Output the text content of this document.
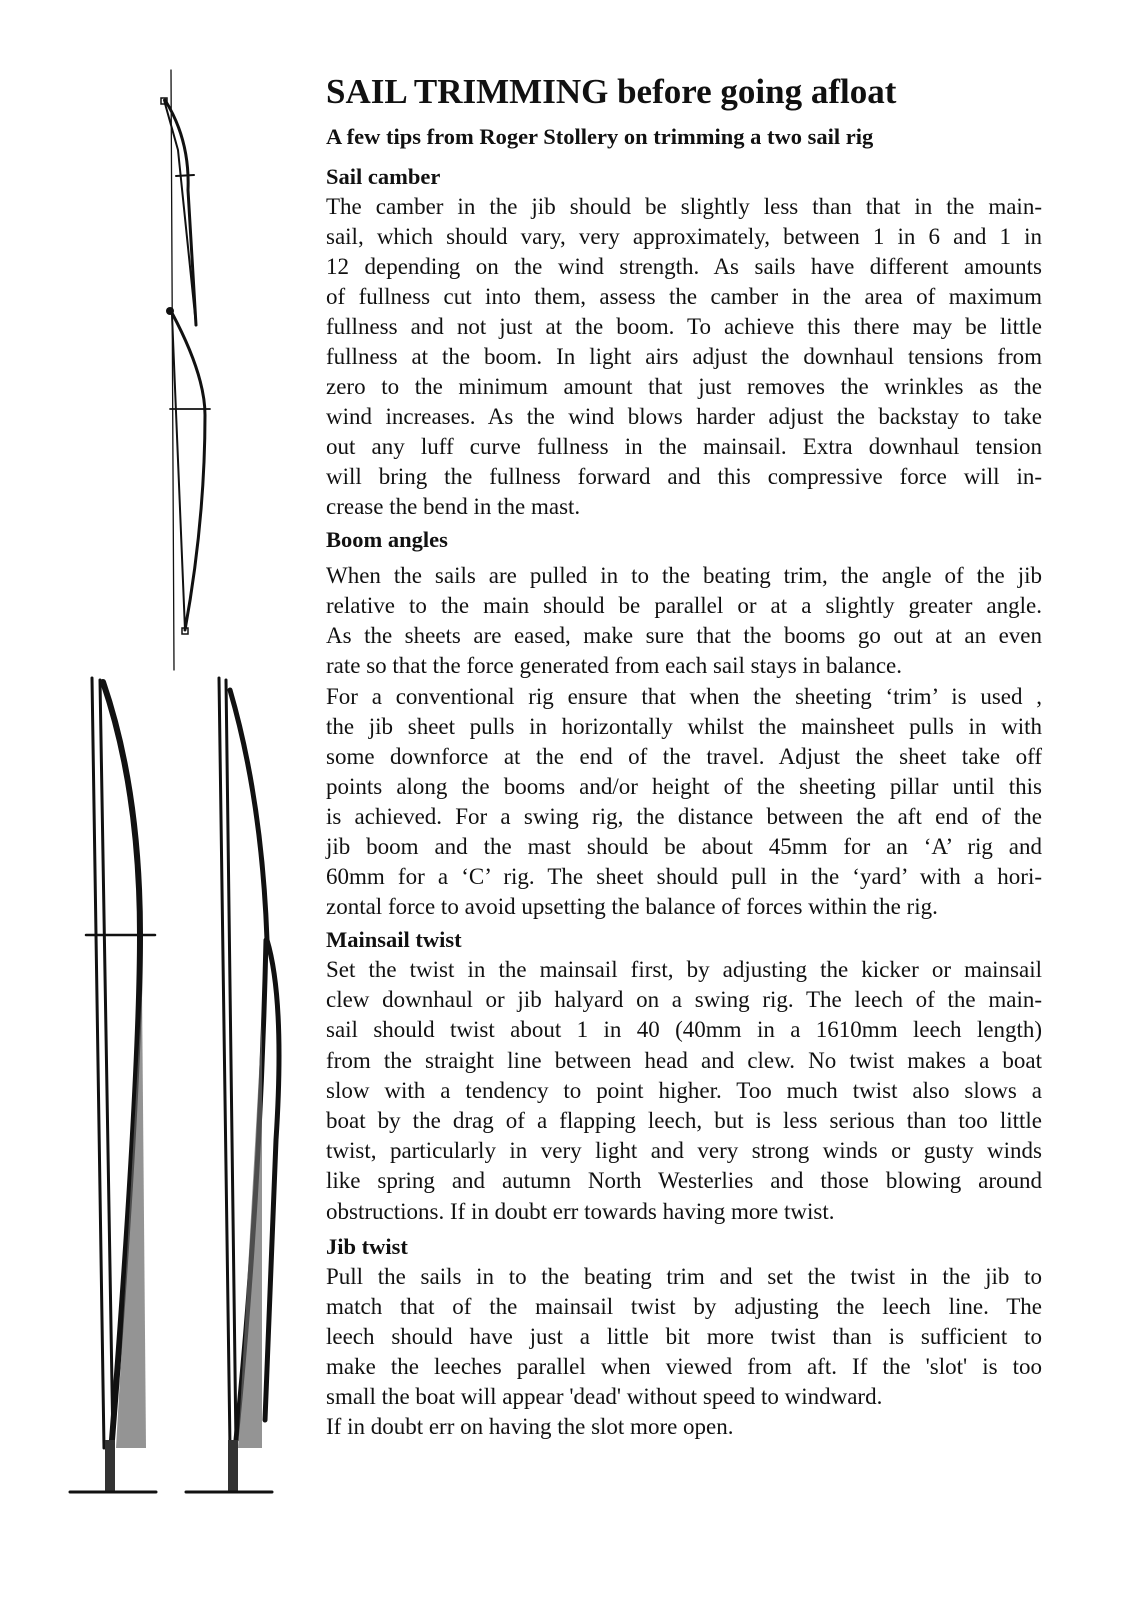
SAIL TRIMMING before going afloat
A few tips from Roger Stollery on trimming a two sail rig
Sail camber
The camber in the jib should be slightly less than that in the main-
sail, which should vary, very approximately, between 1 in 6 and 1 in
12 depending on the wind strength. As sails have different amounts
of fullness cut into them, assess the camber in the area of maximum
fullness and not just at the boom. To achieve this there may be little
fullness at the boom. In light airs adjust the downhaul tensions from
zero to the minimum amount that just removes the wrinkles as the
wind increases. As the wind blows harder adjust the backstay to take
out any luff curve fullness in the mainsail. Extra downhaul tension
will bring the fullness forward and this compressive force will in-
crease the bend in the mast.
Boom angles
When the sails are pulled in to the beating trim, the angle of the jib
relative to the main should be parallel or at a slightly greater angle.
As the sheets are eased, make sure that the booms go out at an even
rate so that the force generated from each sail stays in balance.
For a conventional rig ensure that when the sheeting ‘trim’ is used ,
the jib sheet pulls in horizontally whilst the mainsheet pulls in with
some downforce at the end of the travel. Adjust the sheet take off
points along the booms and/or height of the sheeting pillar until this
is achieved. For a swing rig, the distance between the aft end of the
jib boom and the mast should be about 45mm for an ‘A’ rig and
60mm for a ‘C’ rig. The sheet should pull in the ‘yard’ with a hori-
zontal force to avoid upsetting the balance of forces within the rig.
Mainsail twist
Set the twist in the mainsail first, by adjusting the kicker or mainsail
clew downhaul or jib halyard on a swing rig. The leech of the main-
sail should twist about 1 in 40 (40mm in a 1610mm leech length)
from the straight line between head and clew. No twist makes a boat
slow with a tendency to point higher. Too much twist also slows a
boat by the drag of a flapping leech, but is less serious than too little
twist, particularly in very light and very strong winds or gusty winds
like spring and autumn North Westerlies and those blowing around
obstructions. If in doubt err towards having more twist.
Jib twist
Pull the sails in to the beating trim and set the twist in the jib to
match that of the mainsail twist by adjusting the leech line. The
leech should have just a little bit more twist than is sufficient to
make the leeches parallel when viewed from aft. If the 'slot' is too
small the boat will appear 'dead' without speed to windward.
If in doubt err on having the slot more open.
